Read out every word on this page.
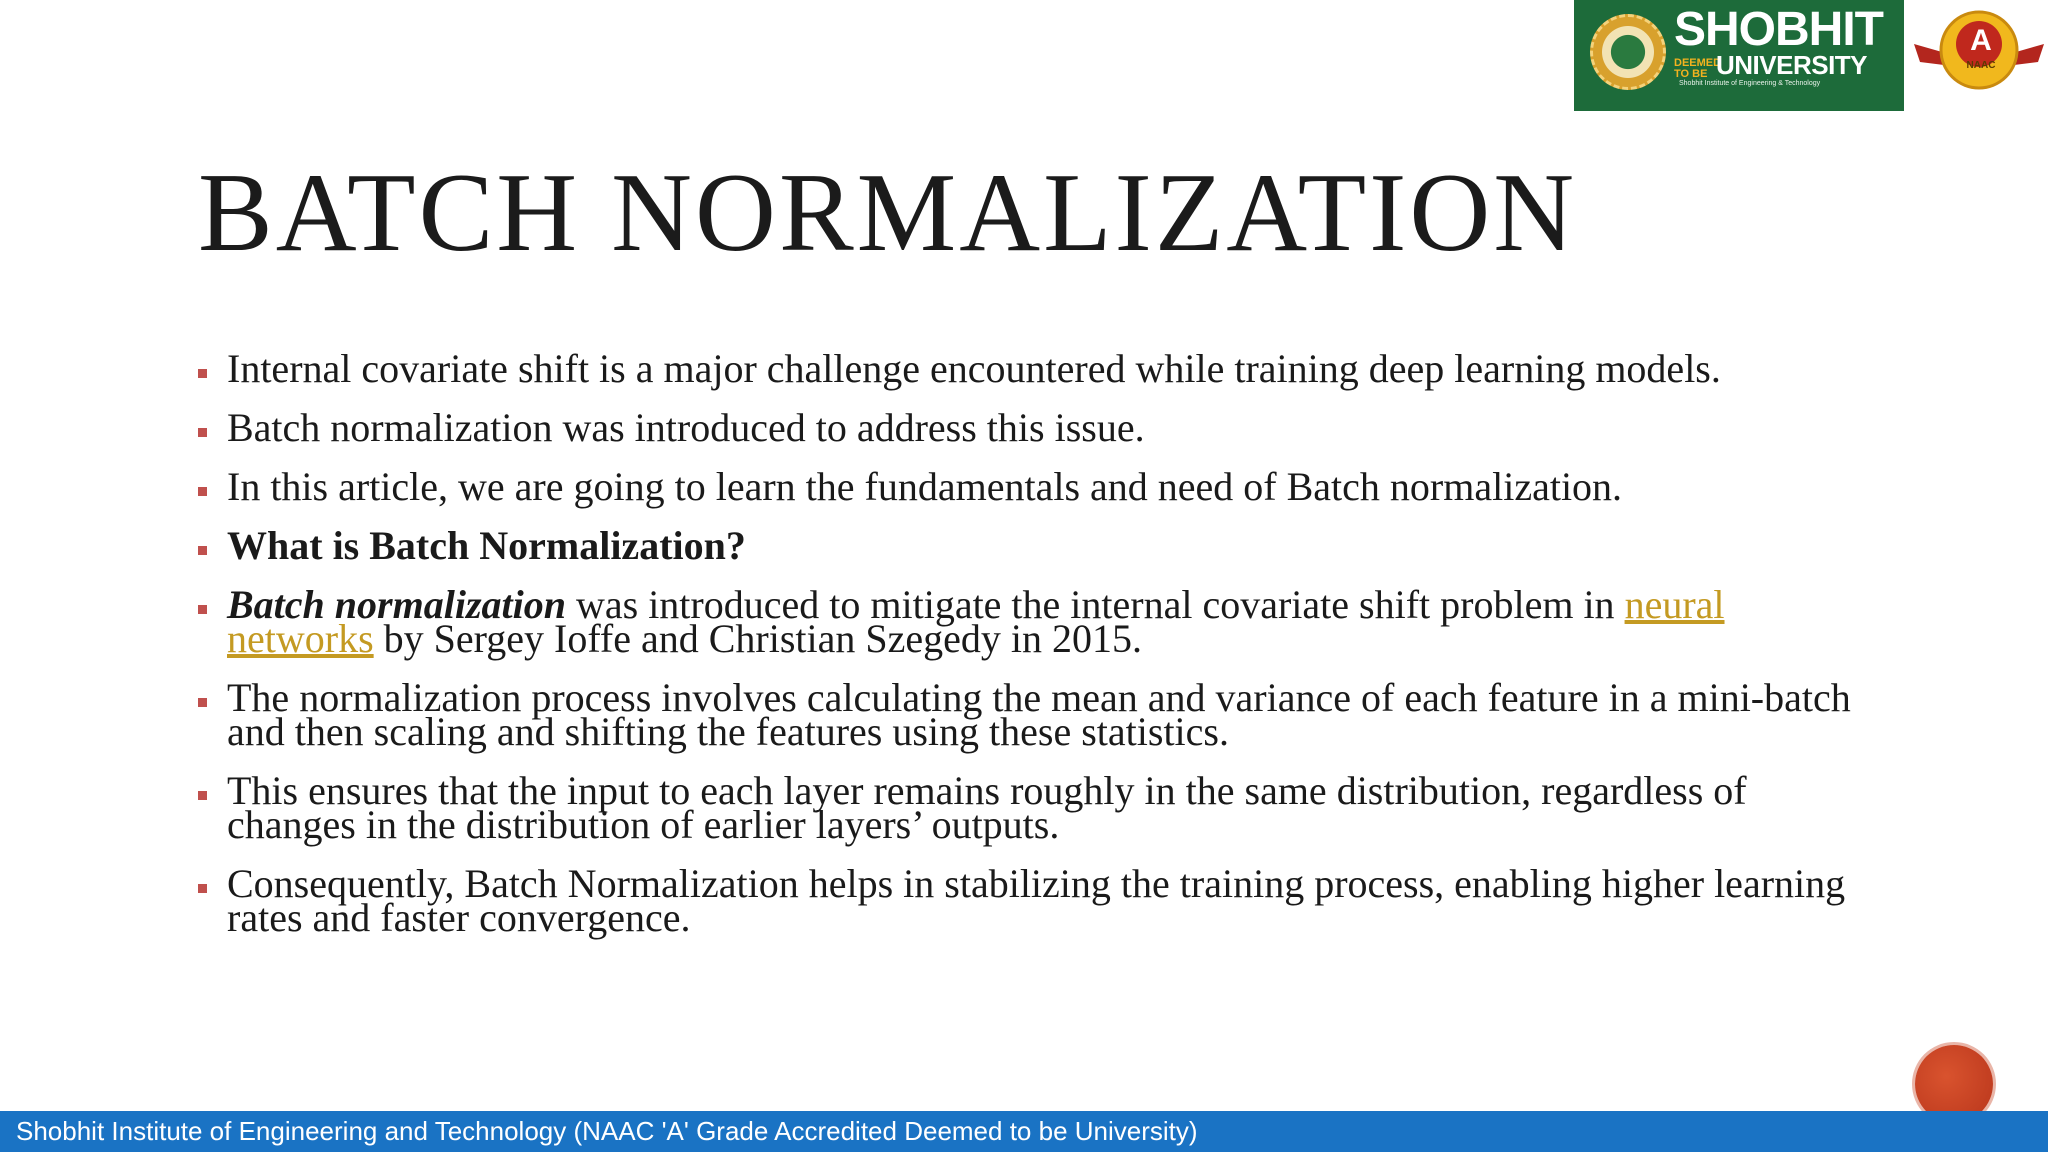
SHOBHIT
DEEMED TO BE UNIVERSITY
Shobhit Institute of Engineering & Technology
A
NAAC
BATCH NORMALIZATION
Internal covariate shift is a major challenge encountered while training deep learning models.
Batch normalization was introduced to address this issue.
In this article, we are going to learn the fundamentals and need of Batch normalization.
What is Batch Normalization?
Batch normalization was introduced to mitigate the internal covariate shift problem in neural networks by Sergey Ioffe and Christian Szegedy in 2015.
The normalization process involves calculating the mean and variance of each feature in a mini-batch and then scaling and shifting the features using these statistics.
This ensures that the input to each layer remains roughly in the same distribution, regardless of changes in the distribution of earlier layers’ outputs.
Consequently, Batch Normalization helps in stabilizing the training process, enabling higher learning rates and faster convergence.
Shobhit Institute of Engineering and Technology (NAAC 'A' Grade Accredited Deemed to be University)
